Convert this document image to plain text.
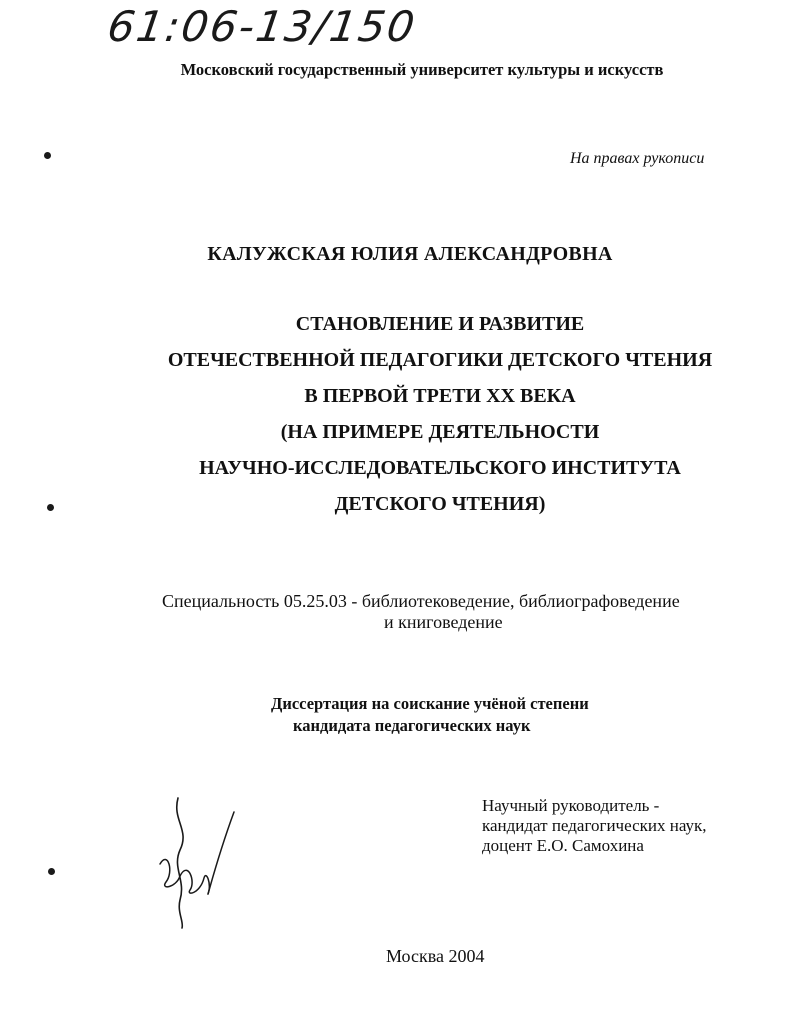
61:06-13/150
Московский государственный университет культуры и искусств
На правах рукописи
КАЛУЖСКАЯ ЮЛИЯ АЛЕКСАНДРОВНА
СТАНОВЛЕНИЕ И РАЗВИТИЕ
ОТЕЧЕСТВЕННОЙ ПЕДАГОГИКИ ДЕТСКОГО ЧТЕНИЯ
В ПЕРВОЙ ТРЕТИ XX ВЕКА
(НА ПРИМЕРЕ ДЕЯТЕЛЬНОСТИ
НАУЧНО-ИССЛЕДОВАТЕЛЬСКОГО ИНСТИТУТА
ДЕТСКОГО ЧТЕНИЯ)
Специальность 05.25.03 - библиотековедение, библиографоведение
и книговедение
Диссертация на соискание учёной степени
кандидата педагогических наук
Научный руководитель -
кандидат педагогических наук,
доцент Е.О. Самохина
Москва 2004
